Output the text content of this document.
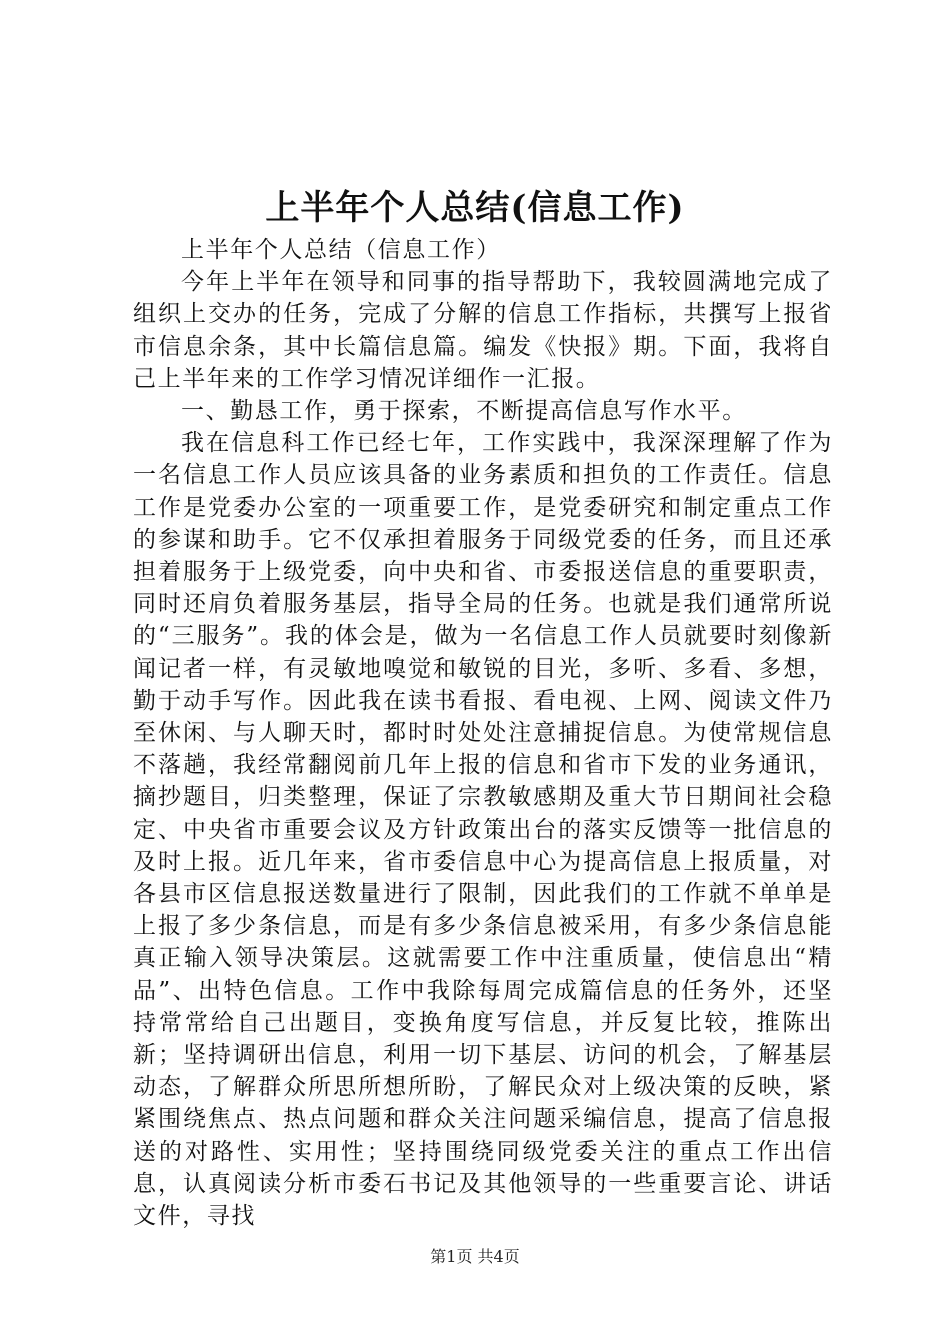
上半年个人总结(信息工作)

上半年个人总结（信息工作）

今年上半年在领导和同事的指导帮助下，我较圆满地完成了组织上交办的任务，完成了分解的信息工作指标，共撰写上报省市信息余条，其中长篇信息篇。编发《快报》期。下面，我将自己上半年来的工作学习情况详细作一汇报。

一、勤恳工作，勇于探索，不断提高信息写作水平。

我在信息科工作已经七年，工作实践中，我深深理解了作为一名信息工作人员应该具备的业务素质和担负的工作责任。信息工作是党委办公室的一项重要工作，是党委研究和制定重点工作的参谋和助手。它不仅承担着服务于同级党委的任务，而且还承担着服务于上级党委，向中央和省、市委报送信息的重要职责，同时还肩负着服务基层，指导全局的任务。也就是我们通常所说的“三服务”。我的体会是，做为一名信息工作人员就要时刻像新闻记者一样，有灵敏地嗅觉和敏锐的目光，多听、多看、多想，勤于动手写作。因此我在读书看报、看电视、上网、阅读文件乃至休闲、与人聊天时，都时时处处注意捕捉信息。为使常规信息不落趟，我经常翻阅前几年上报的信息和省市下发的业务通讯，摘抄题目，归类整理，保证了宗教敏感期及重大节日期间社会稳定、中央省市重要会议及方针政策出台的落实反馈等一批信息的及时上报。近几年来，省市委信息中心为提高信息上报质量，对各县市区信息报送数量进行了限制，因此我们的工作就不单单是上报了多少条信息，而是有多少条信息被采用，有多少条信息能真正输入领导决策层。这就需要工作中注重质量，使信息出“精品”、出特色信息。工作中我除每周完成篇信息的任务外，还坚持常常给自己出题目，变换角度写信息，并反复比较，推陈出新；坚持调研出信息，利用一切下基层、访问的机会，了解基层动态，了解群众所思所想所盼，了解民众对上级决策的反映，紧紧围绕焦点、热点问题和群众关注问题采编信息，提高了信息报送的对路性、实用性；坚持围绕同级党委关注的重点工作出信息，认真阅读分析市委石书记及其他领导的一些重要言论、讲话文件，寻找

第1页 共4页
